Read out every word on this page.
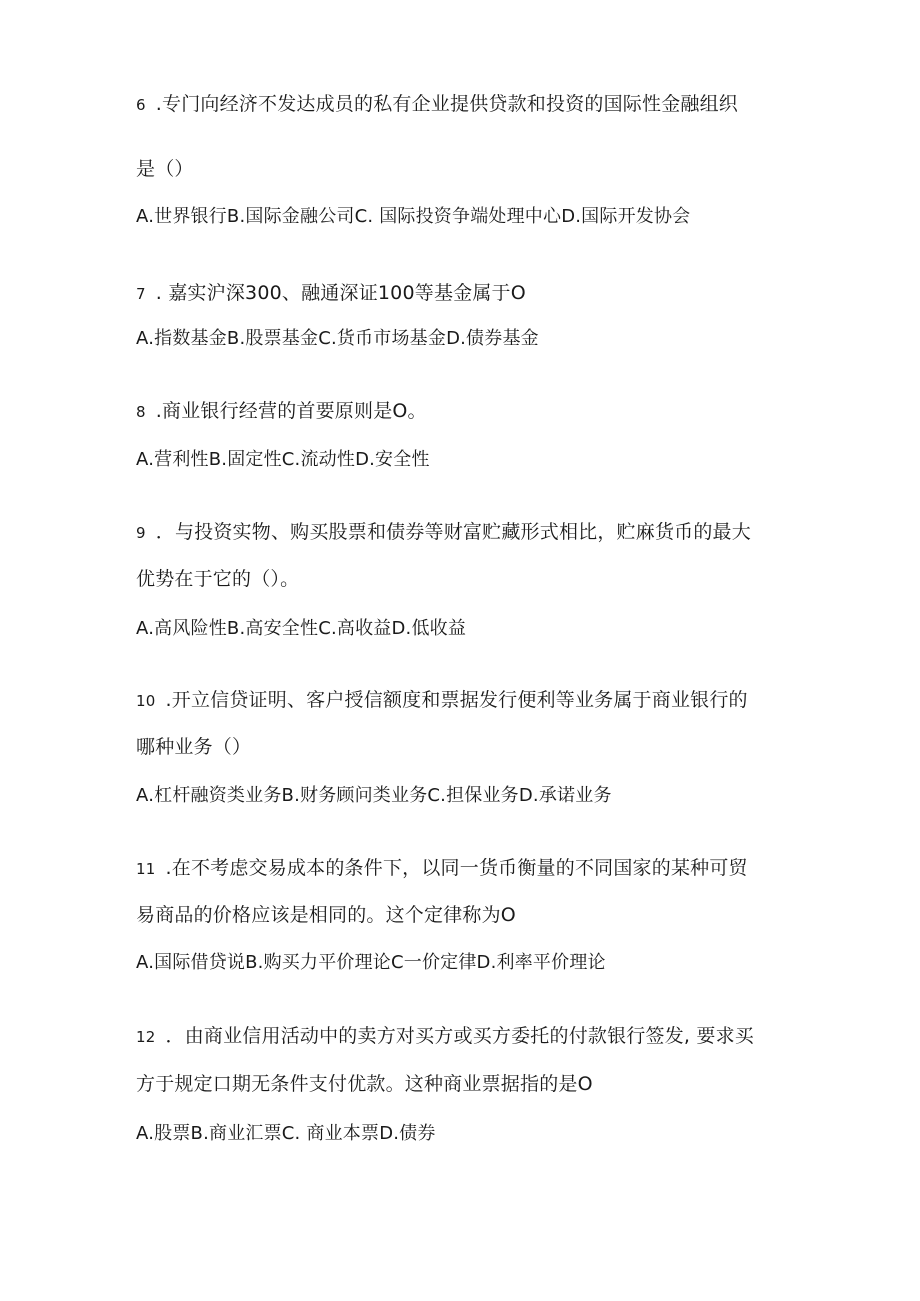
6 .专门向经济不发达成员的私有企业提供贷款和投资的国际性金融组织
是（）
A.世界银行B.国际金融公司C. 国际投资争端处理中心D.国际开发协会
7 . 嘉实沪深300、融通深证100等基金属于O
A.指数基金B.股票基金C.货币市场基金D.债券基金
8 .商业银行经营的首要原则是O。
A.营利性B.固定性C.流动性D.安全性
9 ．与投资实物、购买股票和债券等财富贮藏形式相比，贮麻货币的最大
优势在于它的（）。
A.高风险性B.高安全性C.高收益D.低收益
10 .开立信贷证明、客户授信额度和票据发行便利等业务属于商业银行的
哪种业务（）
A.杠杆融资类业务B.财务顾问类业务C.担保业务D.承诺业务
11 .在不考虑交易成本的条件下，以同一货币衡量的不同国家的某种可贸
易商品的价格应该是相同的。这个定律称为O
A.国际借贷说B.购买力平价理论C一价定律D.利率平价理论
12 ．由商业信用活动中的卖方对买方或买方委托的付款银行签发, 要求买
方于规定口期无条件支付优款。这种商业票据指的是O
A.股票B.商业汇票C. 商业本票D.债券
